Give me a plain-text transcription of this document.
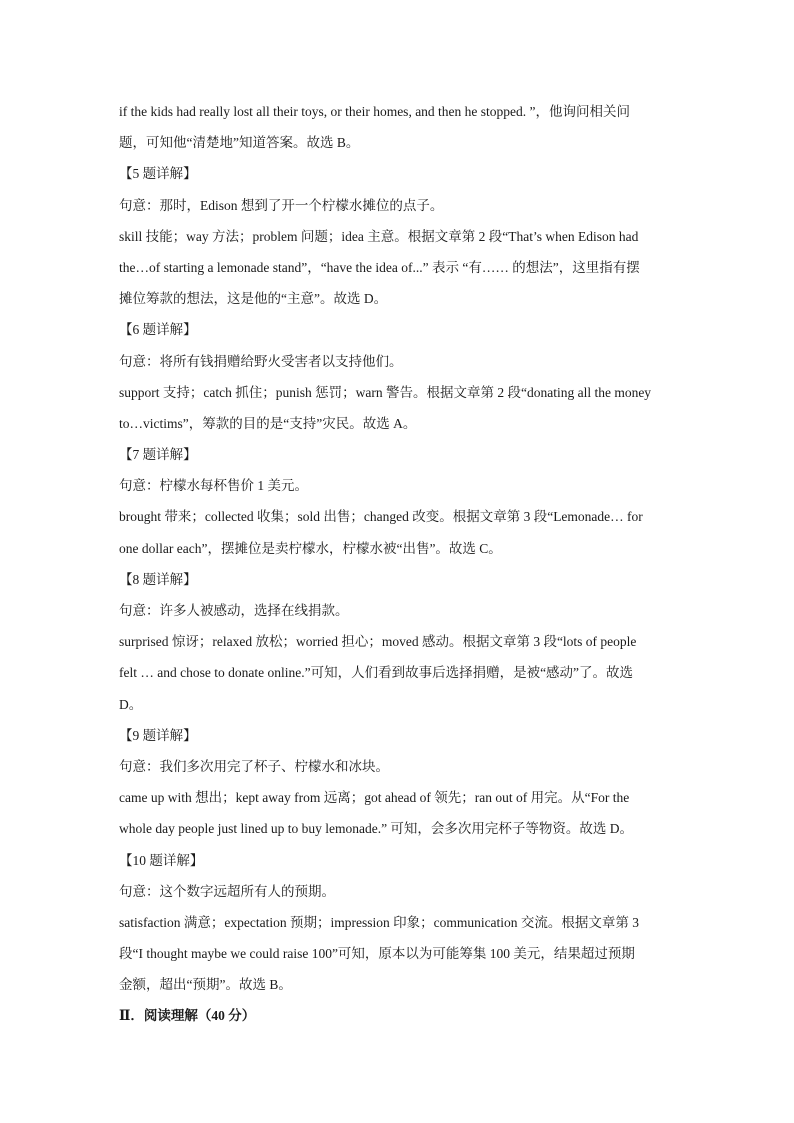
if the kids had really lost all their toys, or their homes, and then he stopped. ”，他询问相关问
题，可知他“清楚地”知道答案。故选 B。
【5 题详解】
句意：那时，Edison 想到了开一个柠檬水摊位的点子。
skill 技能；way 方法；problem 问题；idea 主意。根据文章第 2 段“That’s when Edison had
the…of starting a lemonade stand”，“have the idea of...” 表示 “有…… 的想法”，这里指有摆
摊位筹款的想法，这是他的“主意”。故选 D。
【6 题详解】
句意：将所有钱捐赠给野火受害者以支持他们。
support 支持；catch 抓住；punish 惩罚；warn 警告。根据文章第 2 段“donating all the money
to…victims”，筹款的目的是“支持”灾民。故选 A。
【7 题详解】
句意：柠檬水每杯售价 1 美元。
brought 带来；collected 收集；sold 出售；changed 改变。根据文章第 3 段“Lemonade… for
one dollar each”，摆摊位是卖柠檬水，柠檬水被“出售”。故选 C。
【8 题详解】
句意：许多人被感动，选择在线捐款。
surprised 惊讶；relaxed 放松；worried 担心；moved 感动。根据文章第 3 段“lots of people
felt … and chose to donate online.”可知，人们看到故事后选择捐赠，是被“感动”了。故选
D。
【9 题详解】
句意：我们多次用完了杯子、柠檬水和冰块。
came up with 想出；kept away from 远离；got ahead of 领先；ran out of 用完。从“For the
whole day people just lined up to buy lemonade.” 可知，会多次用完杯子等物资。故选 D。
【10 题详解】
句意：这个数字远超所有人的预期。
satisfaction 满意；expectation 预期；impression 印象；communication 交流。根据文章第 3
段“I thought maybe we could raise 100”可知，原本以为可能筹集 100 美元，结果超过预期
金额，超出“预期”。故选 B。
Ⅱ．阅读理解（40 分）
